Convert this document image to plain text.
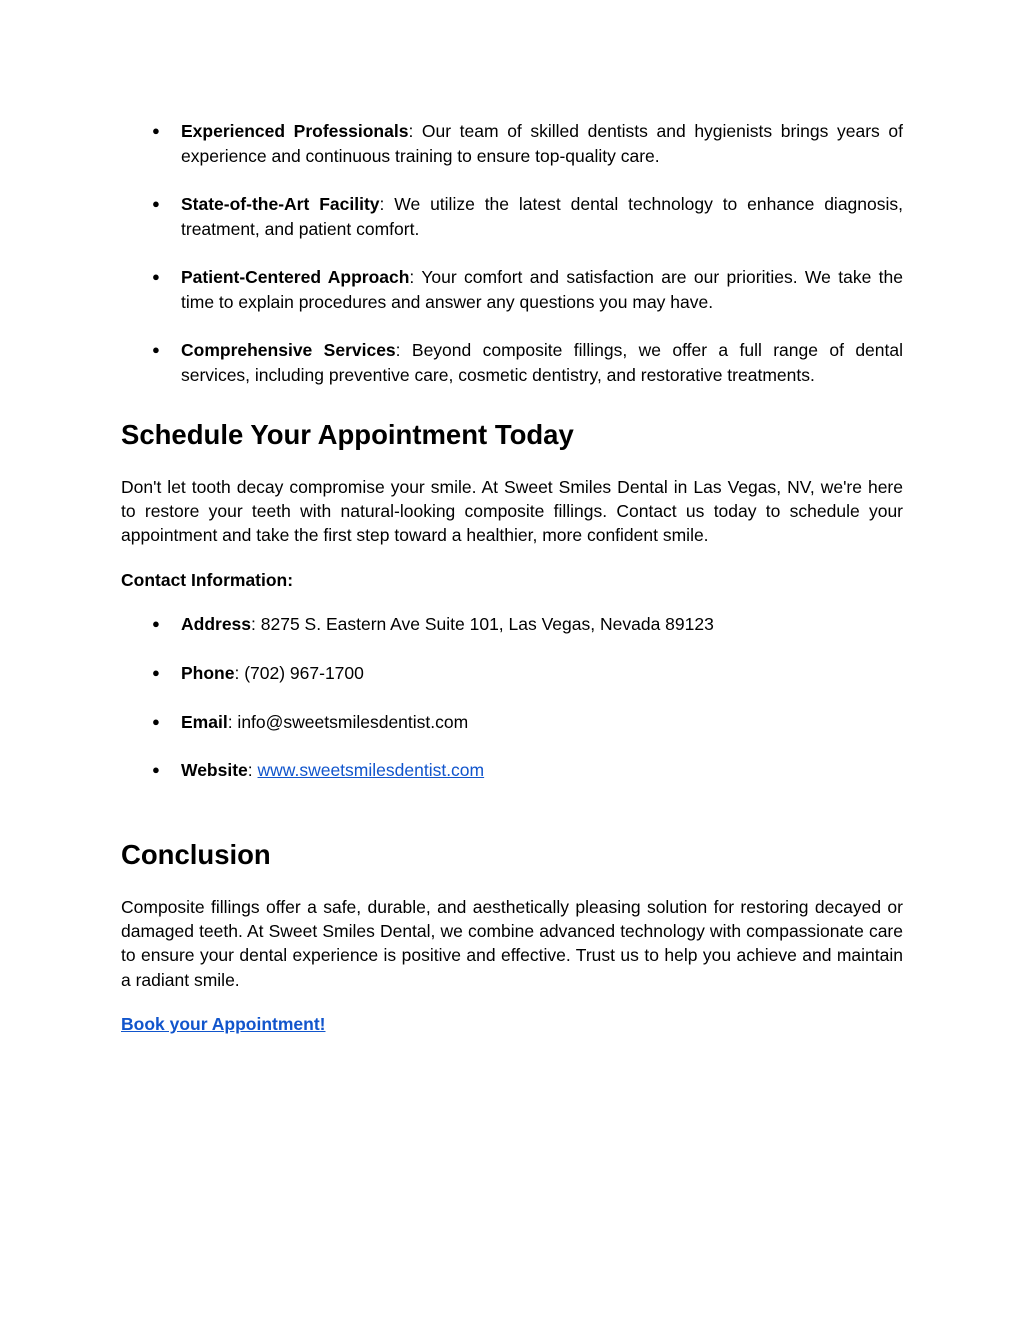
● Experienced Professionals: Our team of skilled dentists and hygienists brings years of experience and continuous training to ensure top-quality care.
● State-of-the-Art Facility: We utilize the latest dental technology to enhance diagnosis, treatment, and patient comfort.
● Patient-Centered Approach: Your comfort and satisfaction are our priorities. We take the time to explain procedures and answer any questions you may have.
● Comprehensive Services: Beyond composite fillings, we offer a full range of dental services, including preventive care, cosmetic dentistry, and restorative treatments.
Schedule Your Appointment Today

Don't let tooth decay compromise your smile. At Sweet Smiles Dental in Las Vegas, NV, we're here to restore your teeth with natural-looking composite fillings. Contact us today to schedule your appointment and take the first step toward a healthier, more confident smile.

Contact Information:

● Address: 8275 S. Eastern Ave Suite 101, Las Vegas, Nevada 89123
● Phone: (702) 967-1700
● Email: info@sweetsmilesdentist.com
● Website: www.sweetsmilesdentist.com
Conclusion

Composite fillings offer a safe, durable, and aesthetically pleasing solution for restoring decayed or damaged teeth. At Sweet Smiles Dental, we combine advanced technology with compassionate care to ensure your dental experience is positive and effective. Trust us to help you achieve and maintain a radiant smile.

Book your Appointment!
